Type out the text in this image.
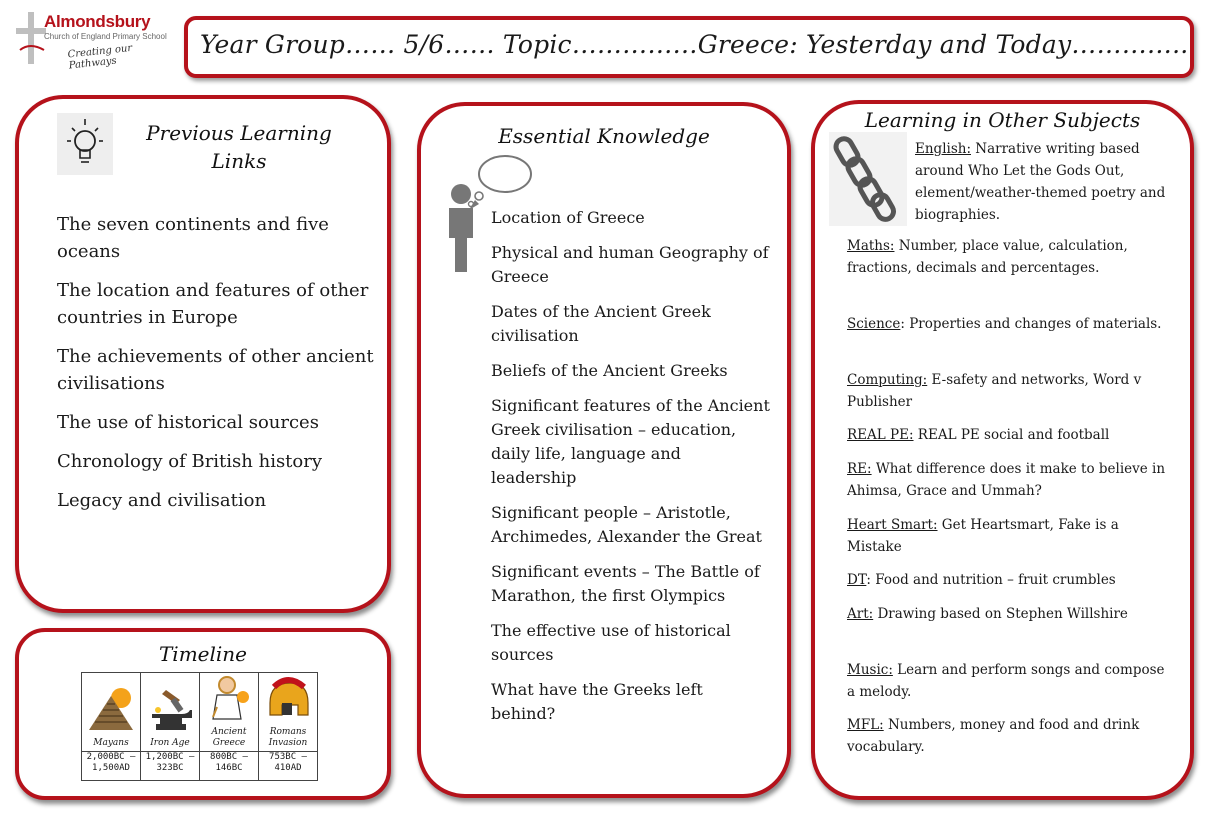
Almondsbury
Church of England Primary School
Creating our Pathways
Year Group…… 5/6…… Topic……………Greece: Yesterday and Today…………..
Previous Learning Links
The seven continents and five oceans
The location and features of other countries in Europe
The achievements of other ancient civilisations
The use of historical sources
Chronology of British history
Legacy and civilisation
Timeline
Mayans	Iron Age	Ancient Greece	Romans Invasion

2,000BC – 1,500AD	1,200BC – 323BC	800BC – 146BC	753BC – 410AD
Essential Knowledge
Location of Greece
Physical and human Geography of Greece
Dates of the Ancient Greek civilisation
Beliefs of the Ancient Greeks
Significant features of the Ancient Greek civilisation – education, daily life, language and leadership
Significant people – Aristotle, Archimedes, Alexander the Great
Significant events – The Battle of Marathon, the first Olympics
The effective use of historical sources
What have the Greeks left behind?
Learning in Other Subjects
English: Narrative writing based around Who Let the Gods Out, element/weather-themed poetry and biographies.
Maths: Number, place value, calculation, fractions, decimals and percentages.
Science: Properties and changes of materials.
Computing: E-safety and networks, Word v Publisher
REAL PE: REAL PE social and football
RE: What difference does it make to believe in Ahimsa, Grace and Ummah?
Heart Smart: Get Heartsmart, Fake is a Mistake
DT: Food and nutrition – fruit crumbles
Art: Drawing based on Stephen Willshire
Music: Learn and perform songs and compose a melody.
MFL: Numbers, money and food and drink vocabulary.
